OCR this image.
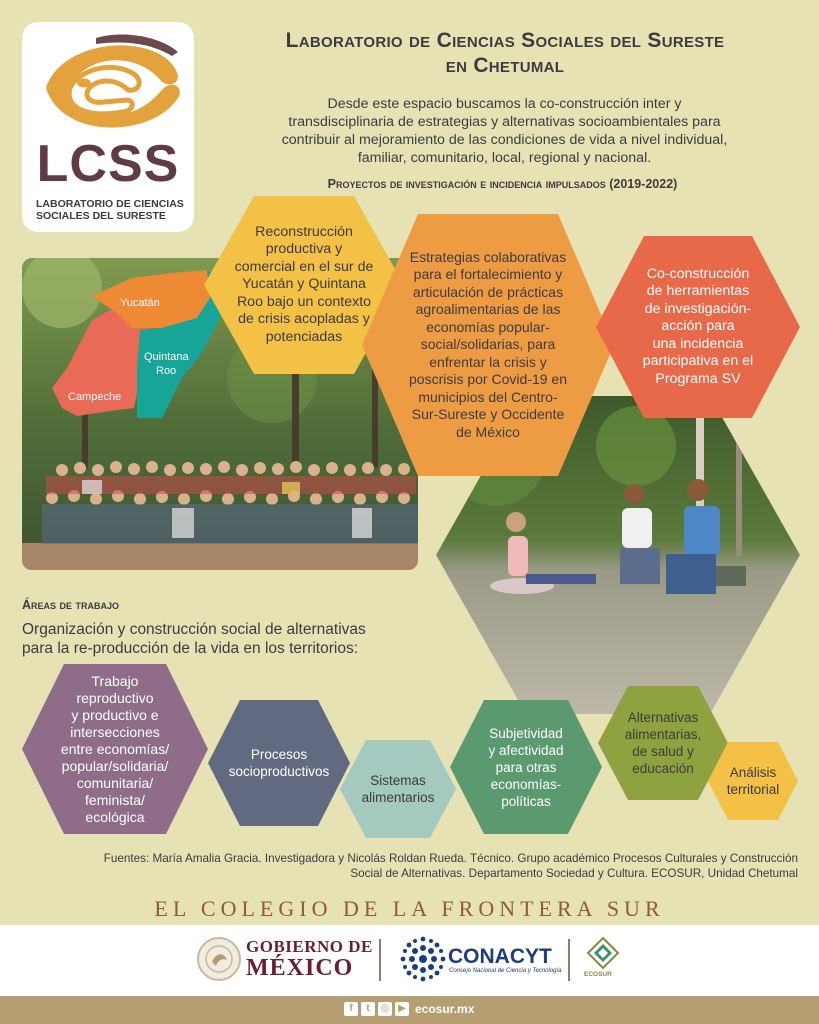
LCSS
LABORATORIO DE CIENCIAS
SOCIALES DEL SURESTE
Laboratorio de Ciencias Sociales del Sureste
en Chetumal
Desde este espacio buscamos la co-construcción inter y
transdisciplinaria de estrategias y alternativas socioambientales para
contribuir al mejoramiento de las condiciones de vida a nivel individual,
familiar, comunitario, local, regional y nacional.
Proyectos de investigación e incidencia impulsados (2019-2022)
Yucatán
Quintana
Roo
Campeche
Reconstrucción
productiva y
comercial en el sur de
Yucatán y Quintana
Roo bajo un contexto
de crisis acopladas y
potenciadas
Estrategias colaborativas
para el fortalecimiento y
articulación de prácticas
agroalimentarias de las
economías popular-
social/solidarias, para
enfrentar la crisis y
poscrisis por Covid-19 en
municipios del Centro-
Sur-Sureste y Occidente
de México
Co-construcción
de herramientas
de investigación-
acción para
una incidencia
participativa en el
Programa SV
Áreas de trabajo
Organización y construcción social de alternativas
para la re-producción de la vida en los territorios:
Trabajo
reproductivo
y productivo e
intersecciones
entre economías/
popular/solidaria/
comunitaria/
feminista/
ecológica
Procesos
socioproductivos
Sistemas
alimentarios
Subjetividad
y afectividad
para otras
economías-
políticas
Alternativas
alimentarias,
de salud y
educación	Análisis
territorial
Fuentes: María Amalia Gracia. Investigadora y Nicolás Roldan Rueda. Técnico. Grupo académico Procesos Culturales y Construcción
Social de Alternativas. Departamento Sociedad y Cultura. ECOSUR, Unidad Chetumal
EL COLEGIO DE LA FRONTERA SUR
GOBIERNO DE
MÉXICO	CONACYT
Consejo Nacional de Ciencia y Tecnología	ECOSUR
f	t	◎ ▶ ecosur.mx
